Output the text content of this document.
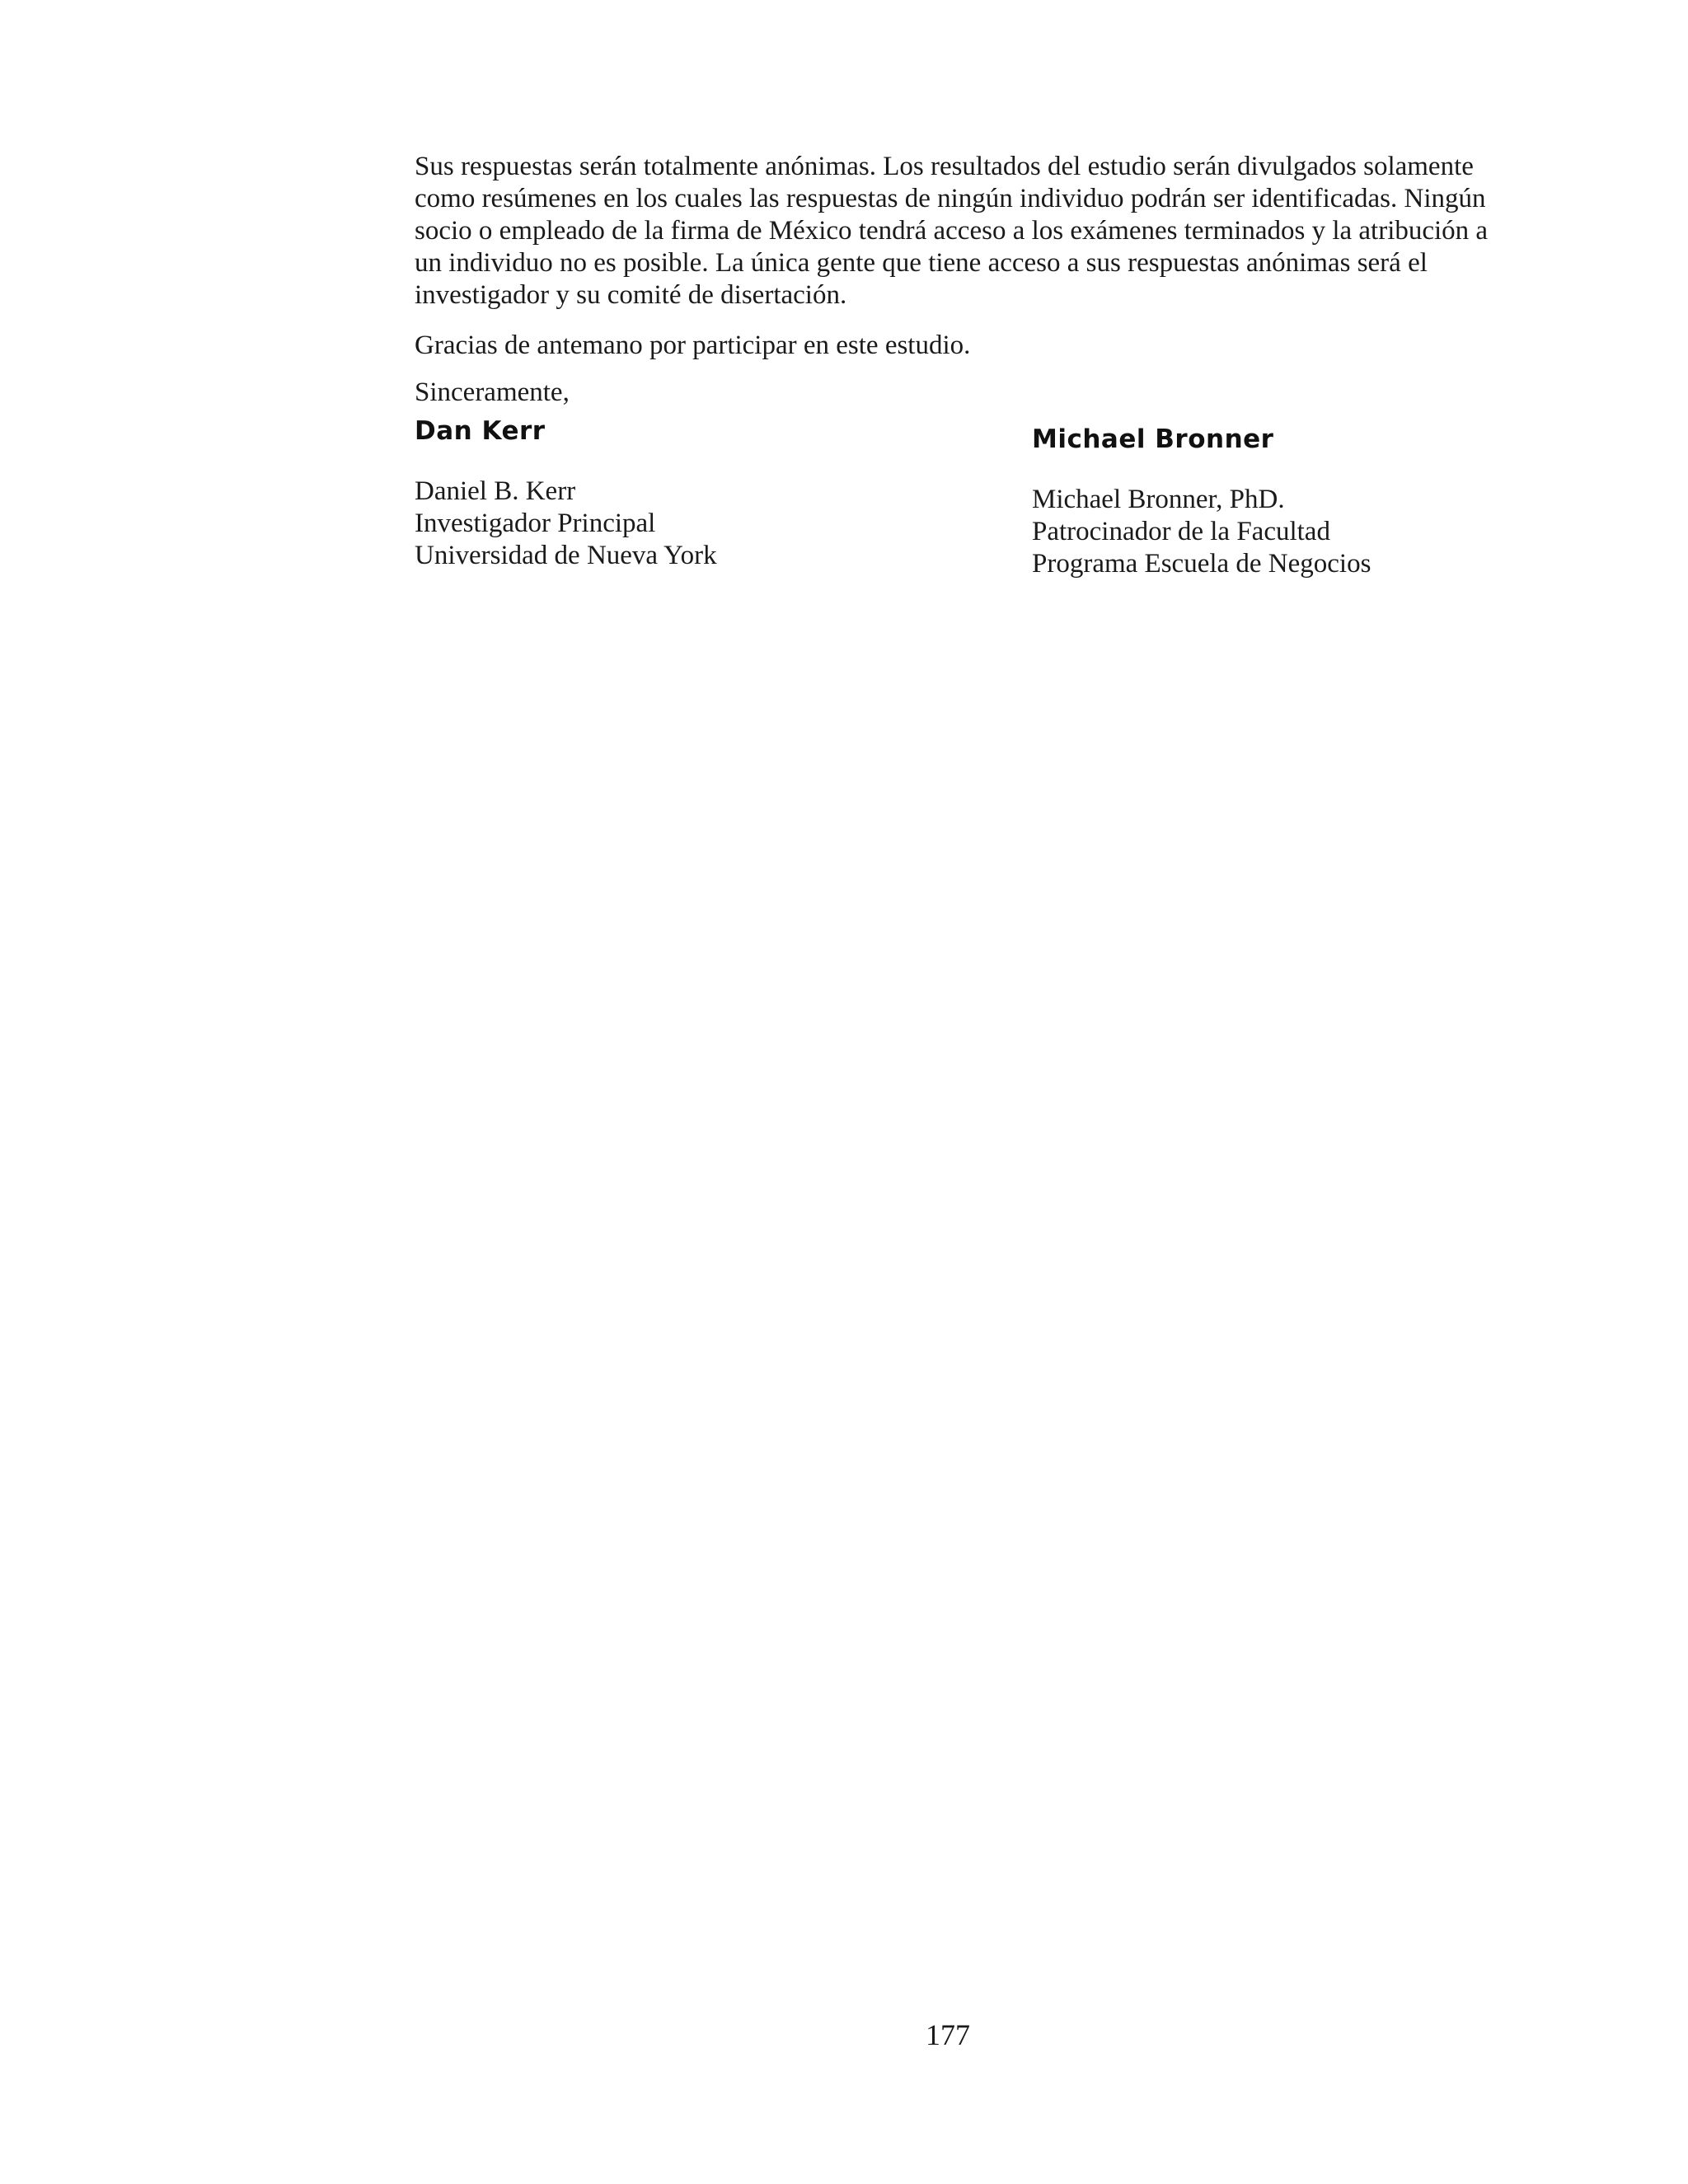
Sus respuestas serán totalmente anónimas. Los resultados del estudio serán divulgados solamente como resúmenes en los cuales las respuestas de ningún individuo podrán ser identificadas. Ningún socio o empleado de la firma de México tendrá acceso a los exámenes terminados y la atribución a un individuo no es posible. La única gente que tiene acceso a sus respuestas anónimas será el investigador y su comité de disertación.

Gracias de antemano por participar en este estudio.

Sinceramente,

Dan Kerr

Daniel B. Kerr

Investigador Principal

Universidad de Nueva York

Michael Bronner

Michael Bronner, PhD.

Patrocinador de la Facultad

Programa Escuela de Negocios

177
